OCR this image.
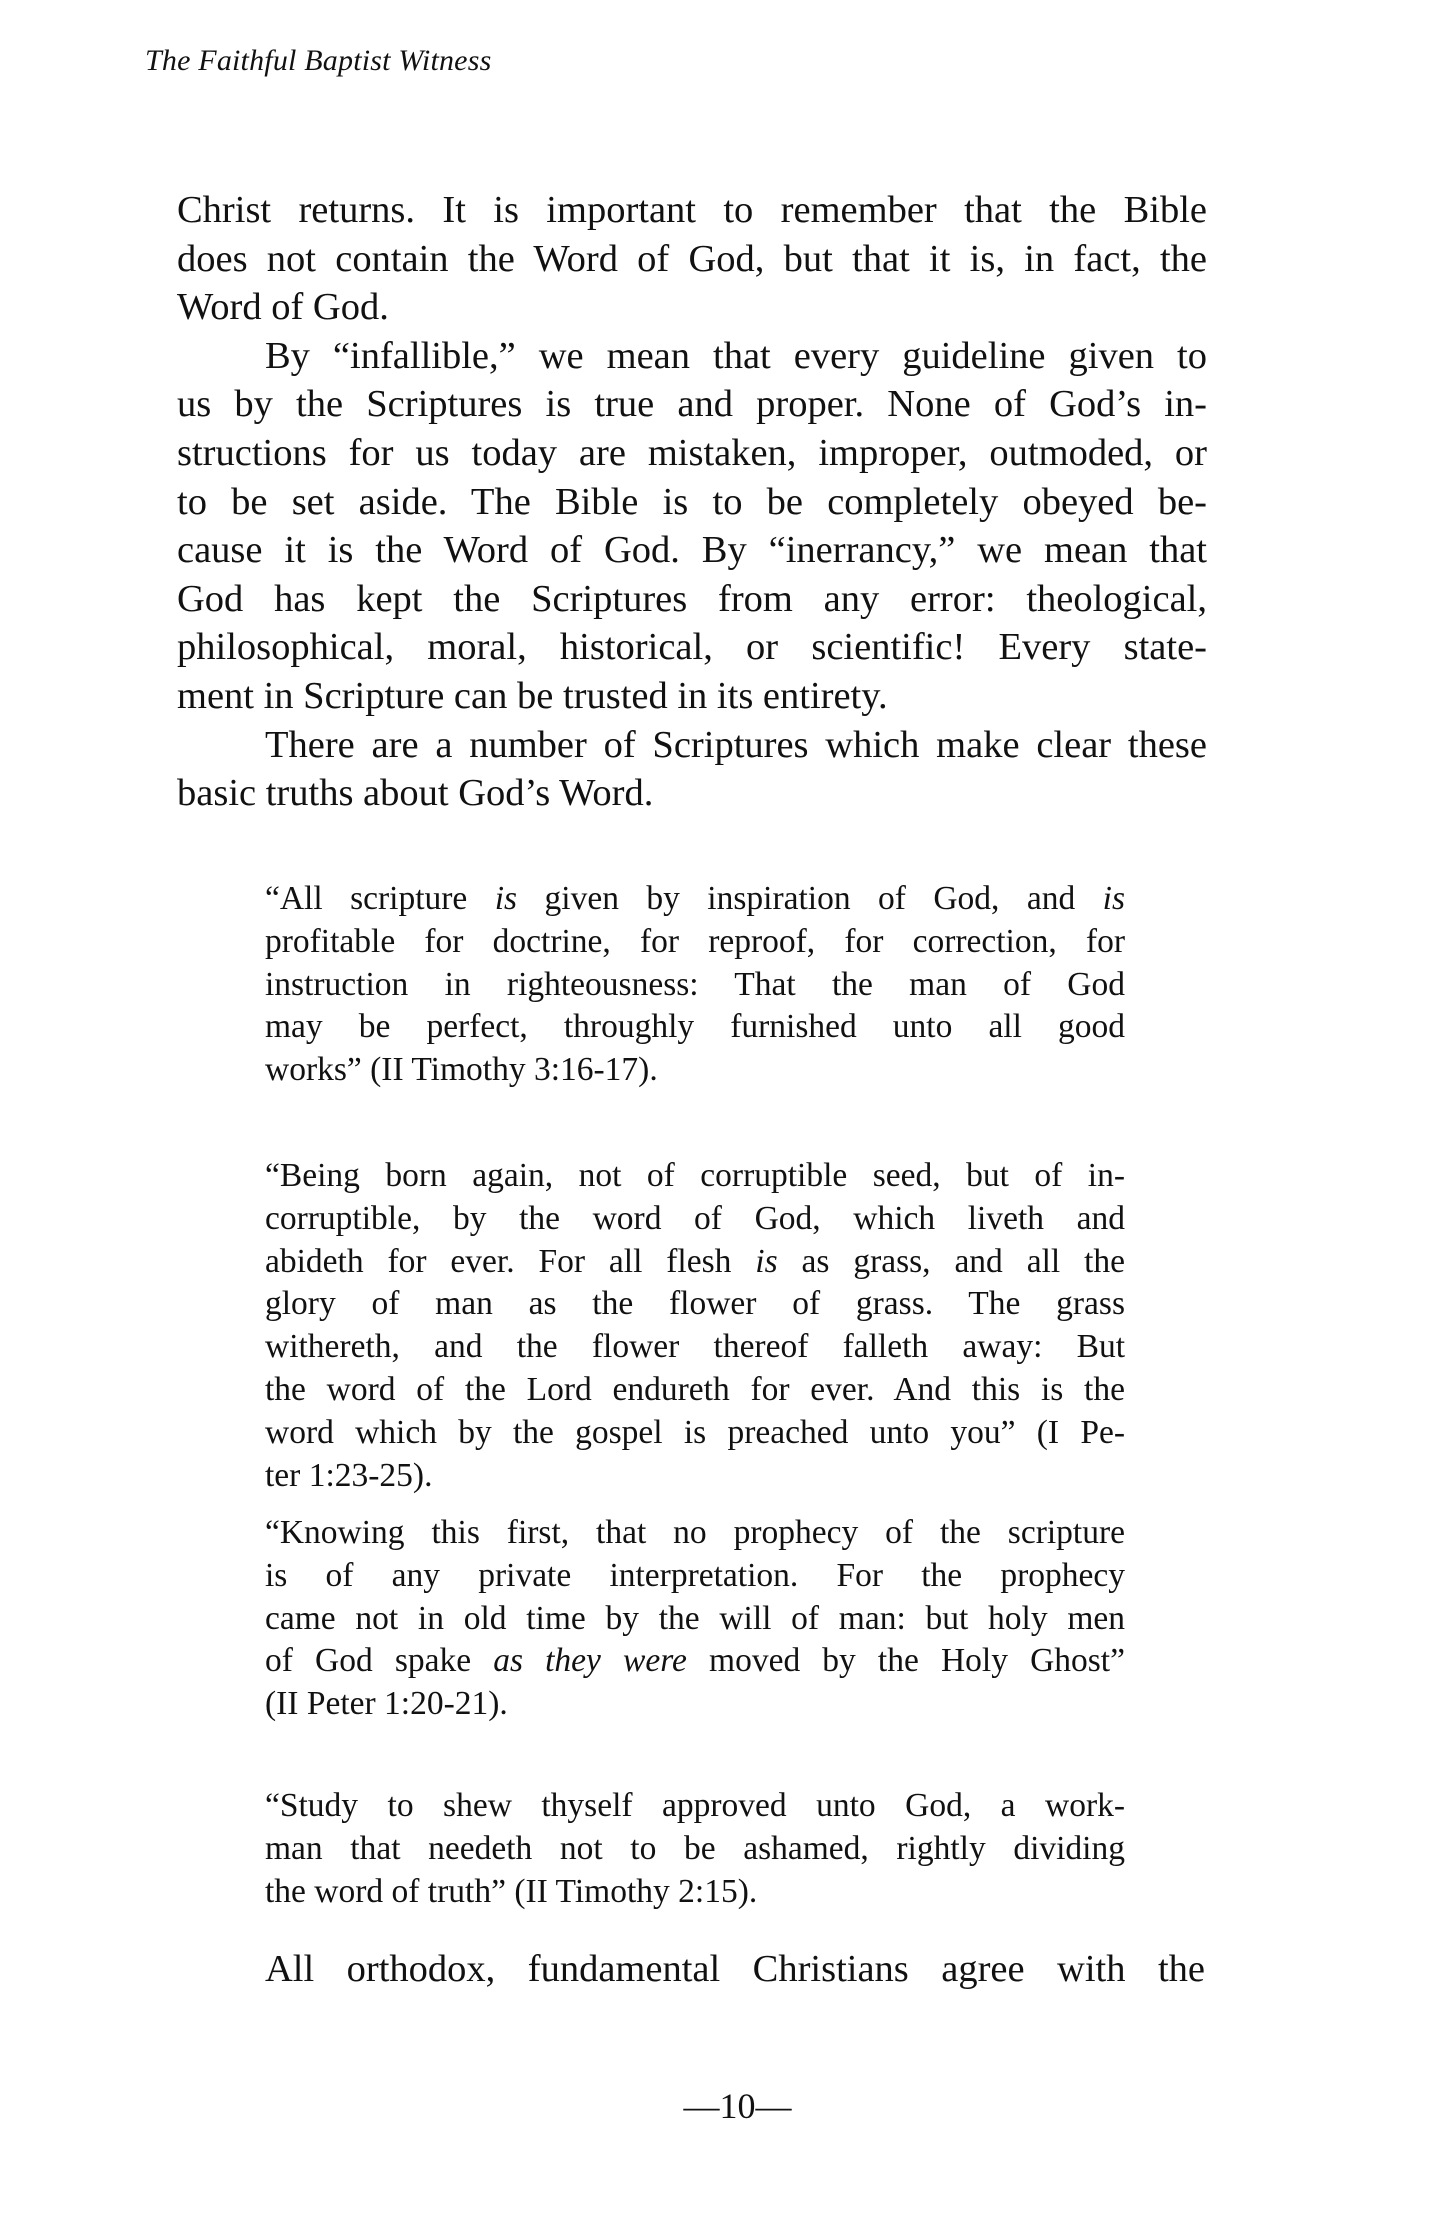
The Faithful Baptist Witness
Christ returns. It is important to remember that the Bible
does not contain the Word of God, but that it is, in fact, the
Word of God.
By “infallible,” we mean that every guideline given to
us by the Scriptures is true and proper. None of God’s in-
structions for us today are mistaken, improper, outmoded, or
to be set aside. The Bible is to be completely obeyed be-
cause it is the Word of God. By “inerrancy,” we mean that
God has kept the Scriptures from any error: theological,
philosophical, moral, historical, or scientific! Every state-
ment in Scripture can be trusted in its entirety.
There are a number of Scriptures which make clear these
basic truths about God’s Word.
“All scripture is given by inspiration of God, and is
profitable for doctrine, for reproof, for correction, for
instruction in righteousness: That the man of God
may be perfect, throughly furnished unto all good
works” (II Timothy 3:16-17).
“Being born again, not of corruptible seed, but of in-
corruptible, by the word of God, which liveth and
abideth for ever. For all flesh is as grass, and all the
glory of man as the flower of grass. The grass
withereth, and the flower thereof falleth away: But
the word of the Lord endureth for ever. And this is the
word which by the gospel is preached unto you” (I Pe-
ter 1:23-25).
“Knowing this first, that no prophecy of the scripture
is of any private interpretation. For the prophecy
came not in old time by the will of man: but holy men
of God spake as they were moved by the Holy Ghost”
(II Peter 1:20-21).
“Study to shew thyself approved unto God, a work-
man that needeth not to be ashamed, rightly dividing
the word of truth” (II Timothy 2:15).
All orthodox, fundamental Christians agree with the
—10—
